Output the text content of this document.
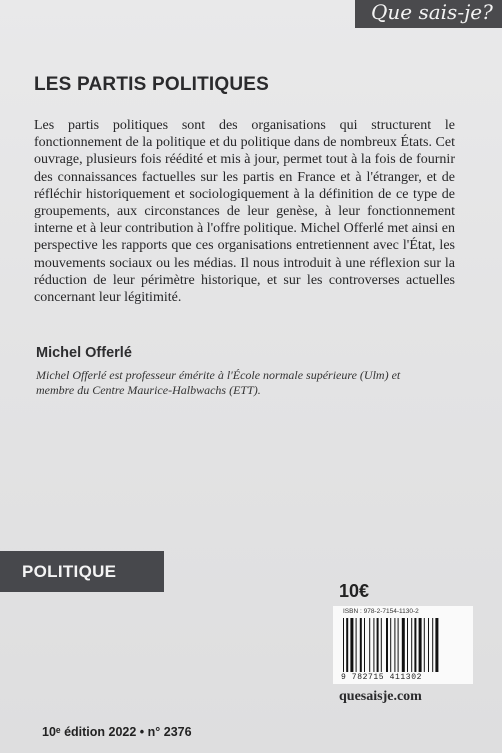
Que sais-je?
LES PARTIS POLITIQUES

Les partis politiques sont des organisations qui structurent le fonctionnement de la politique et du politique dans de nombreux États. Cet ouvrage, plusieurs fois réédité et mis à jour, permet tout à la fois de fournir des connaissances factuelles sur les partis en France et à l'étranger, et de réfléchir historiquement et sociologiquement à la définition de ce type de groupements, aux circonstances de leur genèse, à leur fonctionnement interne et à leur contribution à l'offre politique. Michel Offerlé met ainsi en perspective les rapports que ces organisations entretiennent avec l'État, les mouvements sociaux ou les médias. Il nous introduit à une réflexion sur la réduction de leur périmètre historique, et sur les controverses actuelles concernant leur légitimité.

Michel Offerlé

Michel Offerlé est professeur émérite à l'École normale supérieure (Ulm) et membre du Centre Maurice-Halbwachs (ETT).

POLITIQUE
10€
ISBN : 978-2-7154-1130-2
9 782715 411302
quesaisje.com
10ᵉ édition 2022 • n° 2376
